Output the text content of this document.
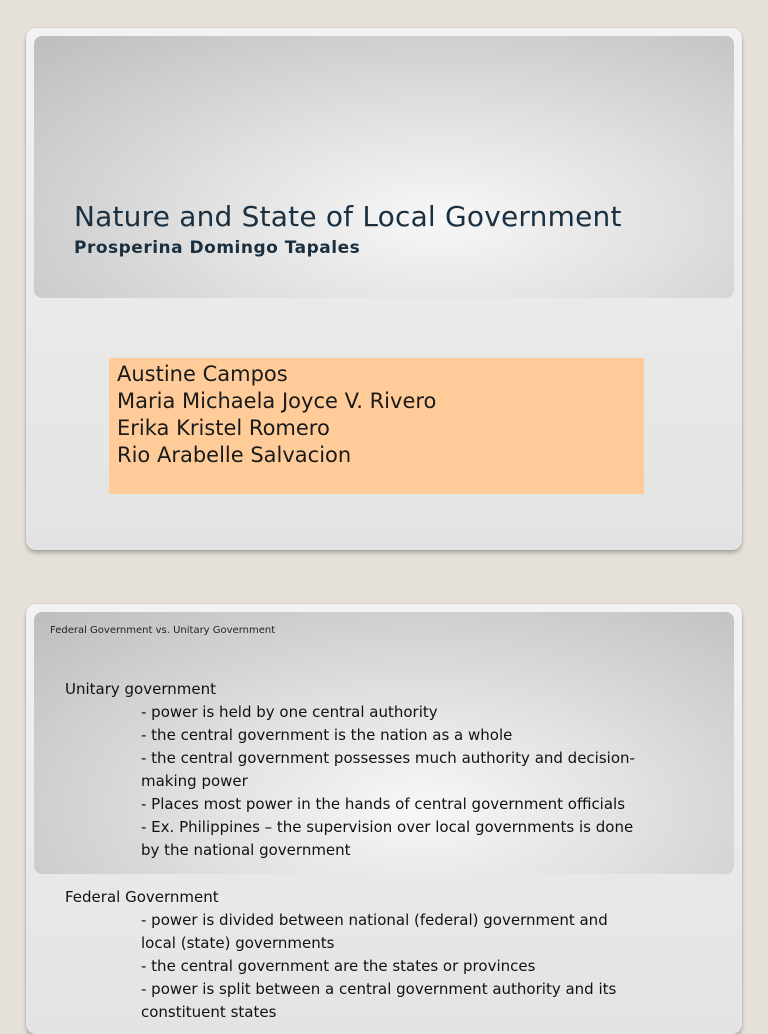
Nature and State of Local Government
Prosperina Domingo Tapales
Austine Campos
Maria Michaela Joyce V. Rivero
Erika Kristel Romero
Rio Arabelle Salvacion

Federal Government vs. Unitary Government

Unitary government
- power is held by one central authority
- the central government is the nation as a whole
- the central government possesses much authority and decision-
making power
- Places most power in the hands of central government officials
- Ex. Philippines – the supervision over local governments is done
by the national government
Federal Government
- power is divided between national (federal) government and
local (state) governments
- the central government are the states or provinces
- power is split between a central government authority and its
constituent states
